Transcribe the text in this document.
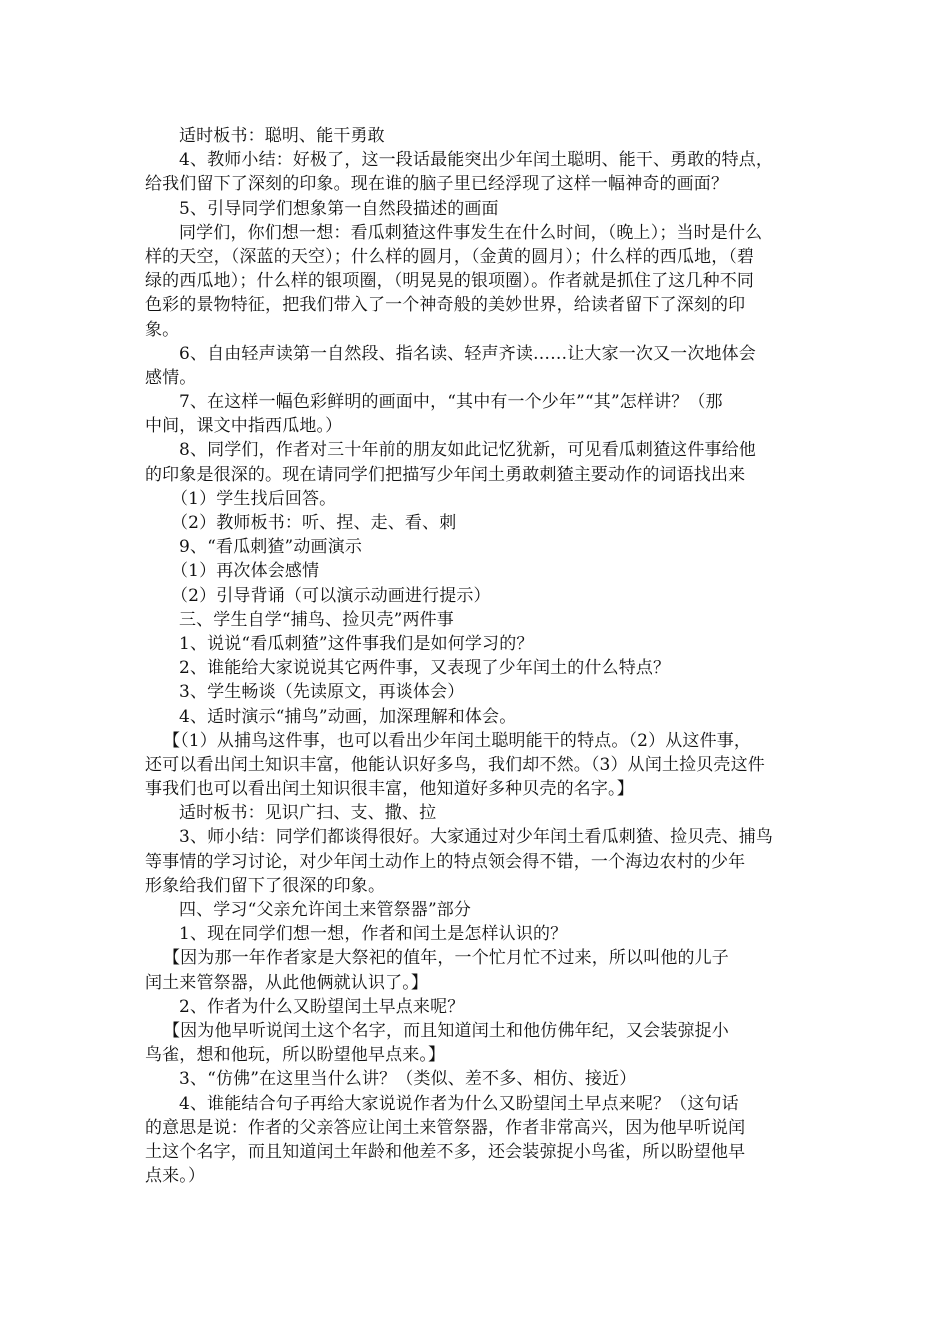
适时板书：聪明、能干勇敢
4、教师小结：好极了，这一段话最能突出少年闰土聪明、能干、勇敢的特点，
给我们留下了深刻的印象。现在谁的脑子里已经浮现了这样一幅神奇的画面？
5、引导同学们想象第一自然段描述的画面
同学们，你们想一想：看瓜刺猹这件事发生在什么时间，（晚上）；当时是什么
样的天空，（深蓝的天空）；什么样的圆月，（金黄的圆月）；什么样的西瓜地，（碧
绿的西瓜地）；什么样的银项圈，（明晃晃的银项圈）。作者就是抓住了这几种不同
色彩的景物特征，把我们带入了一个神奇般的美妙世界，给读者留下了深刻的印
象。
6、自由轻声读第一自然段、指名读、轻声齐读……让大家一次又一次地体会
感情。
7、在这样一幅色彩鲜明的画面中，“其中有一个少年”“其”怎样讲？（那
中间，课文中指西瓜地。）
8、同学们，作者对三十年前的朋友如此记忆犹新，可见看瓜刺猹这件事给他
的印象是很深的。现在请同学们把描写少年闰土勇敢刺猹主要动作的词语找出来
（1）学生找后回答。
（2）教师板书：听、捏、走、看、刺
9、“看瓜刺猹”动画演示
（1）再次体会感情
（2）引导背诵（可以演示动画进行提示）
三、学生自学“捕鸟、捡贝壳”两件事
1、说说“看瓜刺猹”这件事我们是如何学习的？
2、谁能给大家说说其它两件事，又表现了少年闰土的什么特点？
3、学生畅谈（先读原文，再谈体会）
4、适时演示“捕鸟”动画，加深理解和体会。
【（1）从捕鸟这件事，也可以看出少年闰土聪明能干的特点。（2）从这件事，
还可以看出闰土知识丰富，他能认识好多鸟，我们却不然。（3）从闰土捡贝壳这件
事我们也可以看出闰土知识很丰富，他知道好多种贝壳的名字。】
适时板书：见识广扫、支、撒、拉
3、师小结：同学们都谈得很好。大家通过对少年闰土看瓜刺猹、捡贝壳、捕鸟
等事情的学习讨论，对少年闰土动作上的特点领会得不错，一个海边农村的少年
形象给我们留下了很深的印象。
四、学习“父亲允许闰土来管祭器”部分
1、现在同学们想一想，作者和闰土是怎样认识的？
【因为那一年作者家是大祭祀的值年，一个忙月忙不过来，所以叫他的儿子
闰土来管祭器，从此他俩就认识了。】
2、作者为什么又盼望闰土早点来呢？
【因为他早听说闰土这个名字，而且知道闰土和他仿佛年纪，又会装弶捉小
鸟雀，想和他玩，所以盼望他早点来。】
3、“仿佛”在这里当什么讲？（类似、差不多、相仿、接近）
4、谁能结合句子再给大家说说作者为什么又盼望闰土早点来呢？（这句话
的意思是说：作者的父亲答应让闰土来管祭器，作者非常高兴，因为他早听说闰
土这个名字，而且知道闰土年龄和他差不多，还会装弶捉小鸟雀，所以盼望他早
点来。）
